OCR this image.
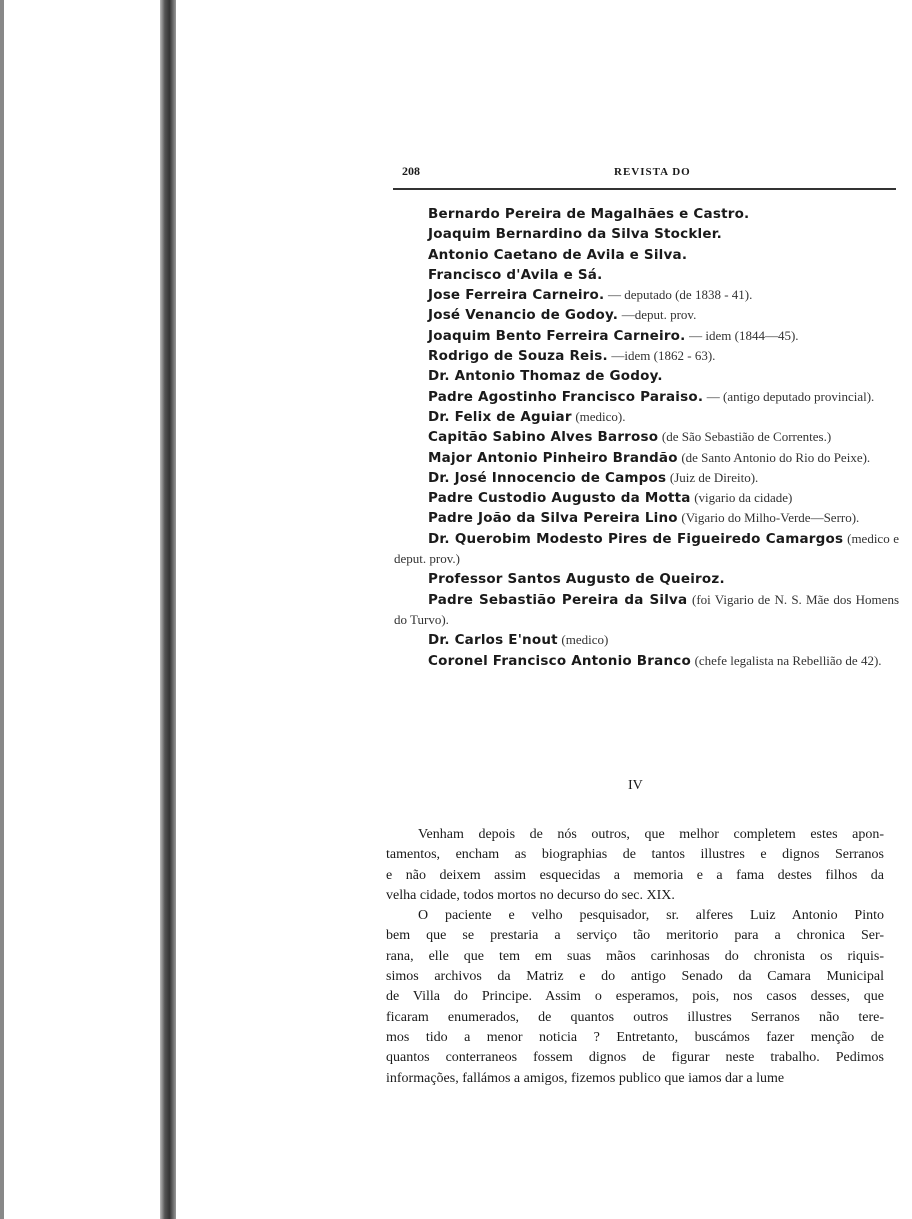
208	REVISTA DO
Bernardo Pereira de Magalhães e Castro.
Joaquim Bernardino da Silva Stockler.
Antonio Caetano de Avila e Silva.
Francisco d'Avila e Sá.
Jose Ferreira Carneiro. — deputado (de 1838 - 41).
José Venancio de Godoy. —deput. prov.
Joaquim Bento Ferreira Carneiro. — idem (1844—45).
Rodrigo de Souza Reis. —idem (1862 - 63).
Dr. Antonio Thomaz de Godoy.
Padre Agostinho Francisco Paraiso. — (antigo deputado provincial).
Dr. Felix de Aguiar (medico).
Capitão Sabino Alves Barroso (de São Sebastião de Correntes.)
Major Antonio Pinheiro Brandão (de Santo Antonio do Rio do Peixe).
Dr. José Innocencio de Campos (Juiz de Direito).
Padre Custodio Augusto da Motta (vigario da cidade)
Padre João da Silva Pereira Lino (Vigario do Milho-Verde—Serro).
Dr. Querobim Modesto Pires de Figueiredo Camargos (medico e deput. prov.)
Professor Santos Augusto de Queiroz.
Padre Sebastião Pereira da Silva (foi Vigario de N. S. Mãe dos Homens do Turvo).
Dr. Carlos E'nout (medico)
Coronel Francisco Antonio Branco (chefe legalista na Rebellião de 42).
IV
Venham depois de nós outros, que melhor completem estes apon-
tamentos, encham as biographias de tantos illustres e dignos Serranos
e não deixem assim esquecidas a memoria e a fama destes filhos da
velha cidade, todos mortos no decurso do sec. XIX.
O paciente e velho pesquisador, sr. alferes Luiz Antonio Pinto
bem que se prestaria a serviço tão meritorio para a chronica Ser-
rana, elle que tem em suas mãos carinhosas do chronista os riquis-
simos archivos da Matriz e do antigo Senado da Camara Municipal
de Villa do Principe. Assim o esperamos, pois, nos casos desses, que
ficaram enumerados, de quantos outros illustres Serranos não tere-
mos tido a menor noticia ? Entretanto, buscámos fazer menção de
quantos conterraneos fossem dignos de figurar neste trabalho. Pedimos
informações, fallámos a amigos, fizemos publico que iamos dar a lume
